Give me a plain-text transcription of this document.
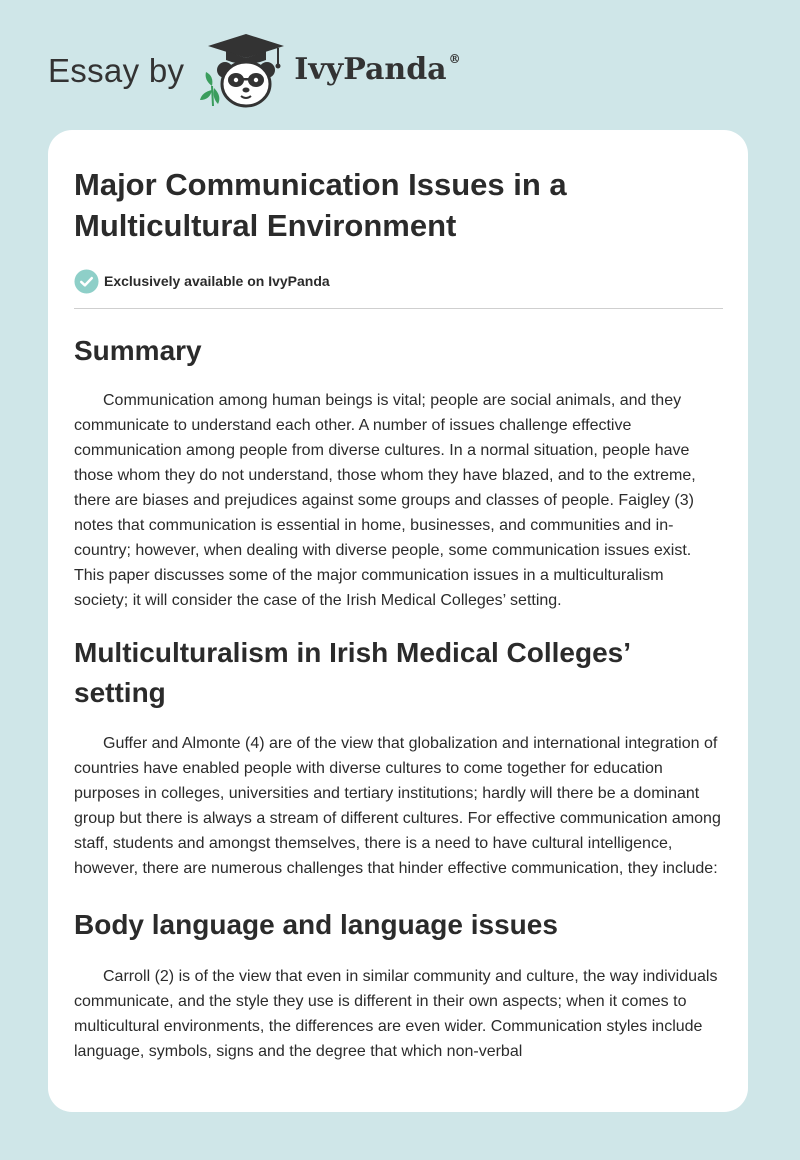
Essay by	IvyPanda ®
Major Communication Issues in a Multicultural Environment
Exclusively available on IvyPanda
Summary

Communication among human beings is vital; people are social animals, and they communicate to understand each other. A number of issues challenge effective communication among people from diverse cultures. In a normal situation, people have those whom they do not understand, those whom they have blazed, and to the extreme, there are biases and prejudices against some groups and classes of people. Faigley (3) notes that communication is essential in home, businesses, and communities and in-country; however, when dealing with diverse people, some communication issues exist. This paper discusses some of the major communication issues in a multiculturalism society; it will consider the case of the Irish Medical Colleges’ setting.

Multiculturalism in Irish Medical Colleges’ setting

Guffer and Almonte (4) are of the view that globalization and international integration of countries have enabled people with diverse cultures to come together for education purposes in colleges, universities and tertiary institutions; hardly will there be a dominant group but there is always a stream of different cultures. For effective communication among staff, students and amongst themselves, there is a need to have cultural intelligence, however, there are numerous challenges that hinder effective communication, they include:

Body language and language issues

Carroll (2) is of the view that even in similar community and culture, the way individuals communicate, and the style they use is different in their own aspects; when it comes to multicultural environments, the differences are even wider. Communication styles include language, symbols, signs and the degree that which non-verbal
